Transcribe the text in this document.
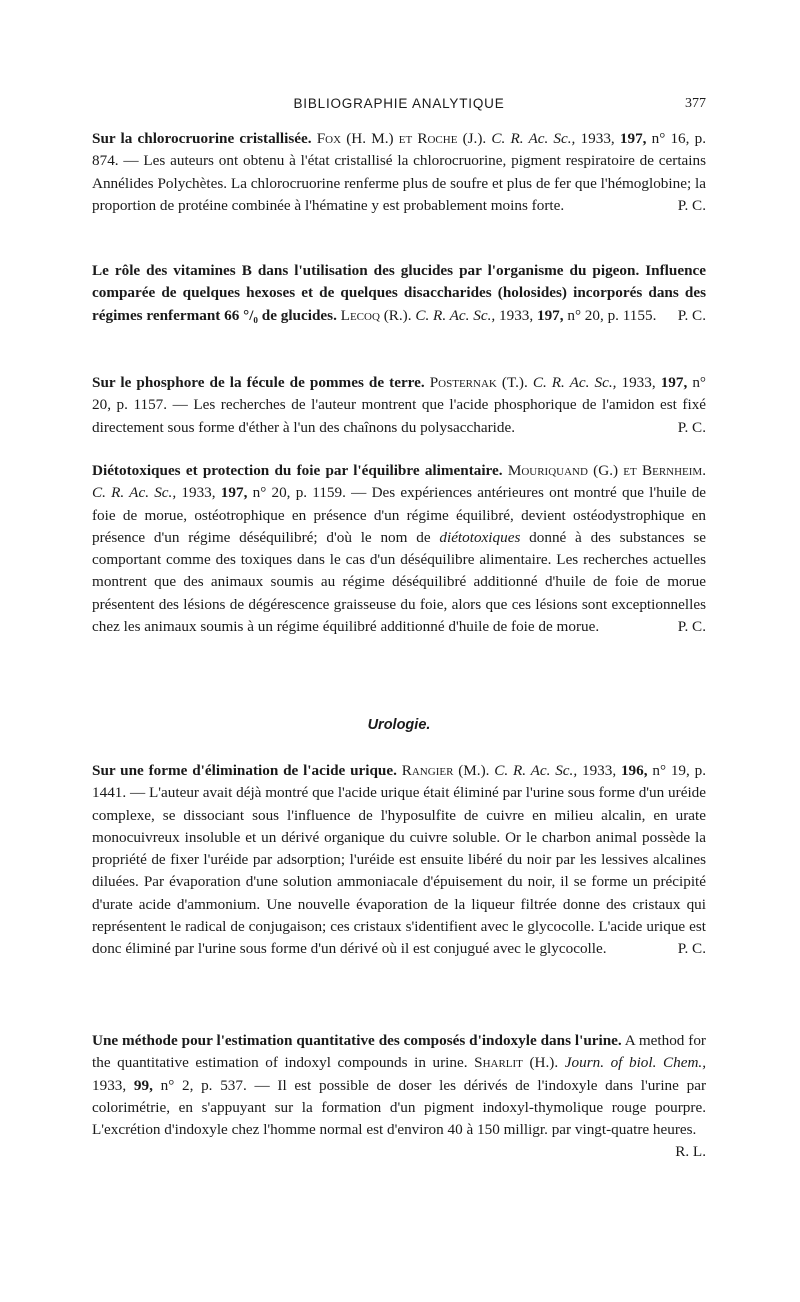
BIBLIOGRAPHIE ANALYTIQUE	377

Sur la chlorocruorine cristallisée. Fox (H. M.) et Roche (J.). C. R. Ac. Sc., 1933, 197, n° 16, p. 874. — Les auteurs ont obtenu à l'état cristallisé la chlorocruorine, pigment respiratoire de certains Annélides Polychètes. La chlorocruorine renferme plus de soufre et plus de fer que l'hémoglobine; la proportion de protéine combinée à l'hématine y est probablement moins forte.	P. C.

Le rôle des vitamines B dans l'utilisation des glucides par l'organisme du pigeon. Influence comparée de quelques hexoses et de quelques disaccharides (holosides) incorporés dans des régimes renfermant 66 °/₀ de glucides. Lecoq (R.). C. R. Ac. Sc., 1933, 197, n° 20, p. 1155.	P. C.

Sur le phosphore de la fécule de pommes de terre. Posternak (T.). C. R. Ac. Sc., 1933, 197, n° 20, p. 1157. — Les recherches de l'auteur montrent que l'acide phosphorique de l'amidon est fixé directement sous forme d'éther à l'un des chaînons du polysaccharide.	P. C.

Diétotoxiques et protection du foie par l'équilibre alimentaire. Mouriquand (G.) et Bernheim. C. R. Ac. Sc., 1933, 197, n° 20, p. 1159. — Des expériences antérieures ont montré que l'huile de foie de morue, ostéotrophique en présence d'un régime équilibré, devient ostéodystrophique en présence d'un régime déséquilibré; d'où le nom de diétotoxiques donné à des substances se comportant comme des toxiques dans le cas d'un déséquilibre alimentaire. Les recherches actuelles montrent que des animaux soumis au régime déséquilibré additionné d'huile de foie de morue présentent des lésions de dégérescence graisseuse du foie, alors que ces lésions sont exceptionnelles chez les animaux soumis à un régime équilibré additionné d'huile de foie de morue.	P. C.

Urologie.

Sur une forme d'élimination de l'acide urique. Rangier (M.). C. R. Ac. Sc., 1933, 196, n° 19, p. 1441. — L'auteur avait déjà montré que l'acide urique était éliminé par l'urine sous forme d'un uréide complexe, se dissociant sous l'influence de l'hyposulfite de cuivre en milieu alcalin, en urate monocuivreux insoluble et un dérivé organique du cuivre soluble. Or le charbon animal possède la propriété de fixer l'uréide par adsorption; l'uréide est ensuite libéré du noir par les lessives alcalines diluées. Par évaporation d'une solution ammoniacale d'épuisement du noir, il se forme un précipité d'urate acide d'ammonium. Une nouvelle évaporation de la liqueur filtrée donne des cristaux qui représentent le radical de conjugaison; ces cristaux s'identifient avec le glycocolle. L'acide urique est donc éliminé par l'urine sous forme d'un dérivé où il est conjugué avec le glycocolle.	P. C.

Une méthode pour l'estimation quantitative des composés d'indoxyle dans l'urine. A method for the quantitative estimation of indoxyl compounds in urine. Sharlit (H.). Journ. of biol. Chem., 1933, 99, n° 2, p. 537. — Il est possible de doser les dérivés de l'indoxyle dans l'urine par colorimétrie, en s'appuyant sur la formation d'un pigment indoxyl-thymolique rouge pourpre. L'excrétion d'indoxyle chez l'homme normal est d'environ 40 à 150 milligr. par vingt-quatre heures.
R. L.
